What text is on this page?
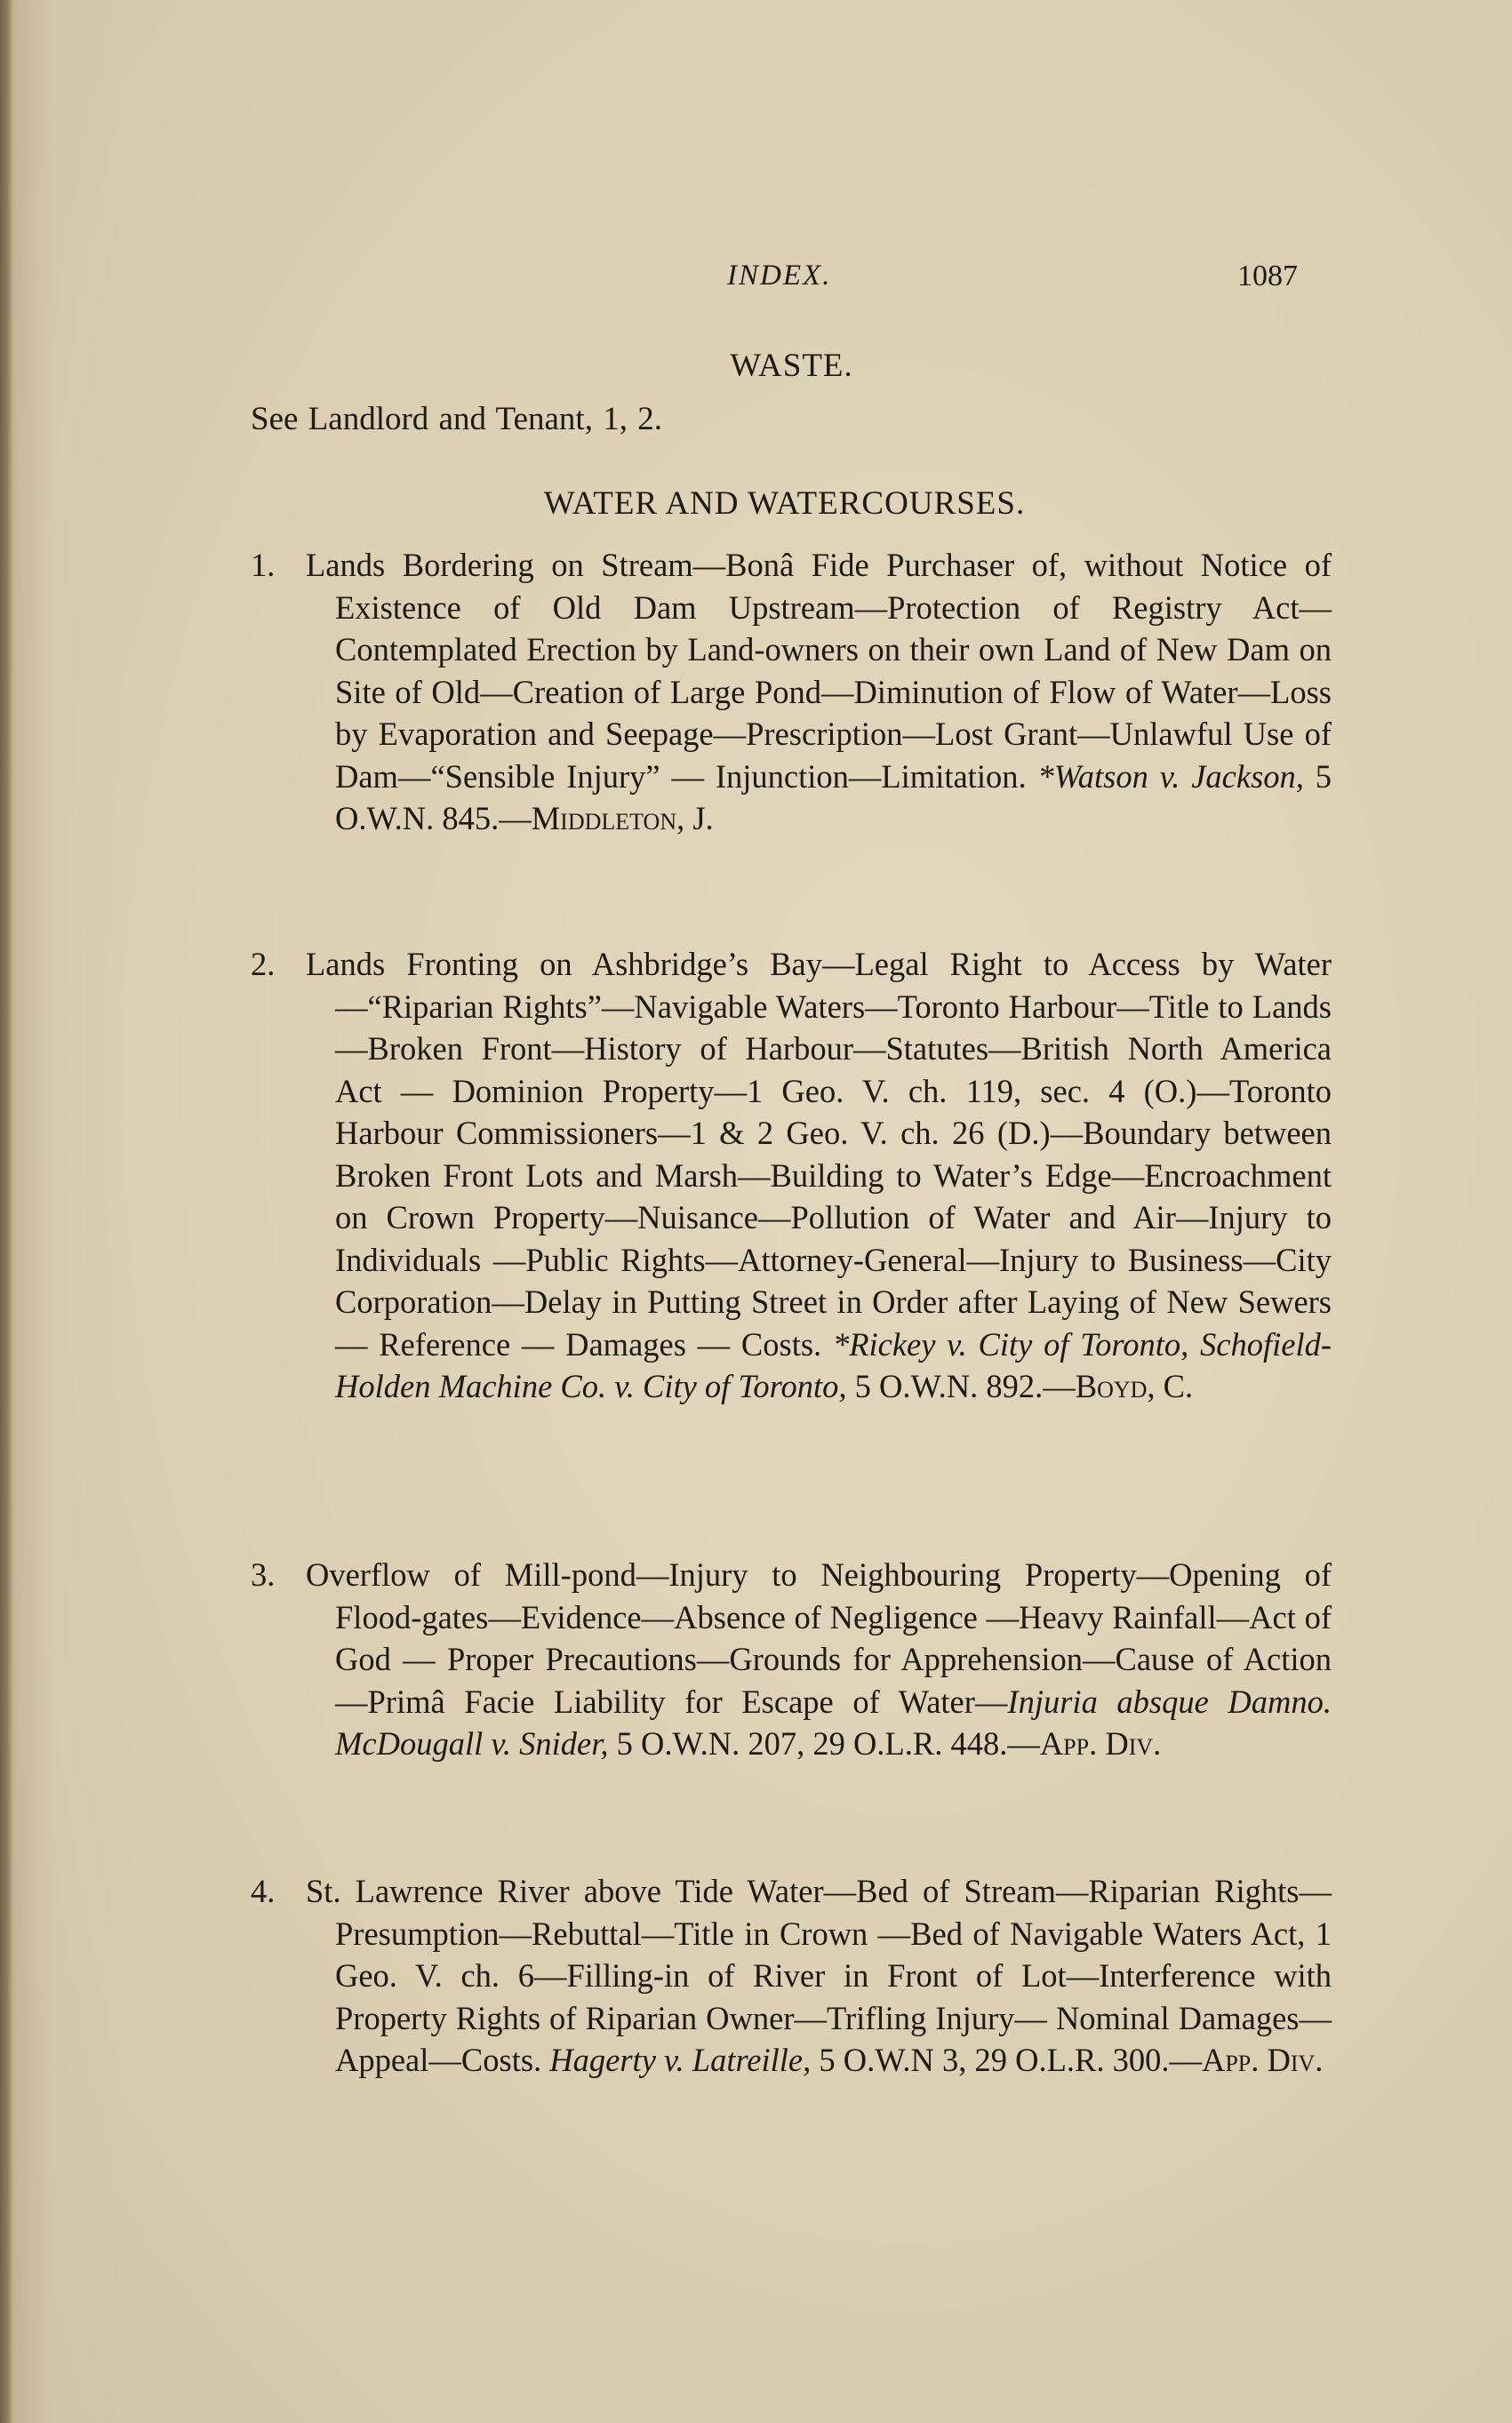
INDEX.	1087
WASTE.
See Landlord and Tenant, 1, 2.
WATER AND WATERCOURSES.
1. Lands Bordering on Stream—Bonâ Fide Purchaser of, without Notice of Existence of Old Dam Upstream—Protection of Registry Act—Contemplated Erection by Land-owners on their own Land of New Dam on Site of Old—Creation of Large Pond—Diminution of Flow of Water—Loss by Evaporation and Seepage—Prescription—Lost Grant—Unlawful Use of Dam—“Sensible Injury” — Injunction—Limitation. *Watson v. Jackson, 5 O.W.N. 845.—Middleton, J.
2. Lands Fronting on Ashbridge’s Bay—Legal Right to Access by Water—“Riparian Rights”—Navigable Waters—Toronto Harbour—Title to Lands—Broken Front—History of Harbour—Statutes—British North America Act — Dominion Property—1 Geo. V. ch. 119, sec. 4 (O.)—Toronto Harbour Commissioners—1 & 2 Geo. V. ch. 26 (D.)—Boundary between Broken Front Lots and Marsh—Building to Water’s Edge—Encroachment on Crown Property—Nuisance—Pollution of Water and Air—Injury to Individuals —Public Rights—Attorney-General—Injury to Business—City Corporation—Delay in Putting Street in Order after Laying of New Sewers — Reference — Damages — Costs. *Rickey v. City of Toronto, Schofield-Holden Machine Co. v. City of Toronto, 5 O.W.N. 892.—Boyd, C.
3. Overflow of Mill-pond—Injury to Neighbouring Property—Opening of Flood-gates—Evidence—Absence of Negligence —Heavy Rainfall—Act of God — Proper Precautions—Grounds for Apprehension—Cause of Action—Primâ Facie Liability for Escape of Water—Injuria absque Damno. McDougall v. Snider, 5 O.W.N. 207, 29 O.L.R. 448.—App. Div.
4. St. Lawrence River above Tide Water—Bed of Stream—Riparian Rights—Presumption—Rebuttal—Title in Crown —Bed of Navigable Waters Act, 1 Geo. V. ch. 6—Filling-in of River in Front of Lot—Interference with Property Rights of Riparian Owner—Trifling Injury— Nominal Damages—Appeal—Costs. Hagerty v. Latreille, 5 O.W.N 3, 29 O.L.R. 300.—App. Div.
